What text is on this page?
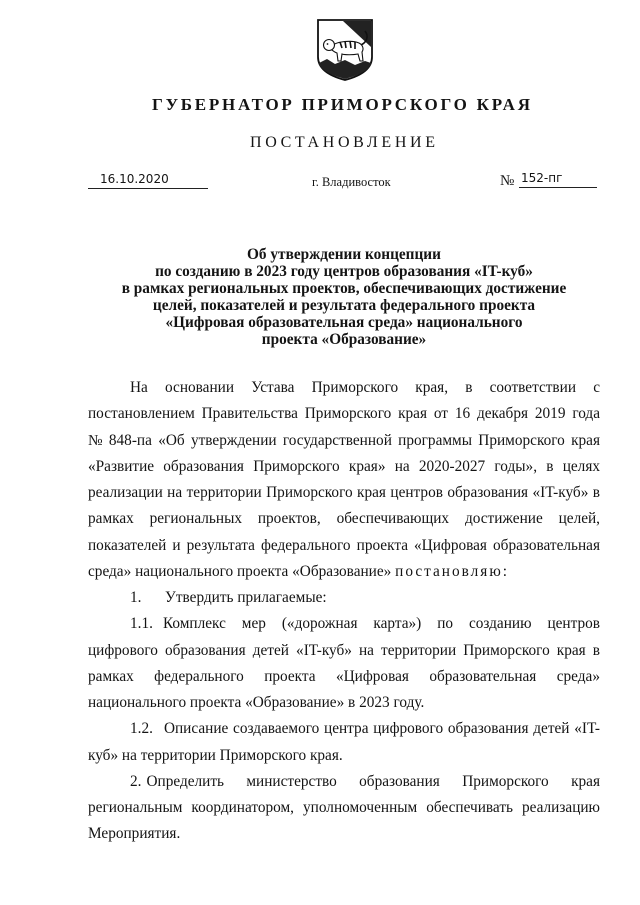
ГУБЕРНАТОР ПРИМОРСКОГО КРАЯ
ПОСТАНОВЛЕНИЕ
16.10.2020	г. Владивосток	№ 152-пг
Об утверждении концепции
по созданию в 2023 году центров образования «IT-куб»
в рамках региональных проектов, обеспечивающих достижение
целей, показателей и результата федерального проекта
«Цифровая образовательная среда» национального
проекта «Образование»
На основании Устава Приморского края, в соответствии с
постановлением Правительства Приморского края от 16 декабря 2019 года
№ 848-па «Об утверждении государственной программы Приморского края
«Развитие образования Приморского края» на 2020-2027 годы», в целях
реализации на территории Приморского края центров образования «IT-куб» в
рамках региональных проектов, обеспечивающих достижение целей,
показателей и результата федерального проекта «Цифровая образовательная
среда» национального проекта «Образование» постановляю:
1. Утвердить прилагаемые:
1.1. Комплекс мер («дорожная карта») по созданию центров
цифрового образования детей «IT-куб» на территории Приморского края в
рамках федерального проекта «Цифровая образовательная среда»
национального проекта «Образование» в 2023 году.
1.2. Описание создаваемого центра цифрового образования детей «IT-
куб» на территории Приморского края.
2. Определить министерство образования Приморского края
региональным координатором, уполномоченным обеспечивать реализацию
Мероприятия.
